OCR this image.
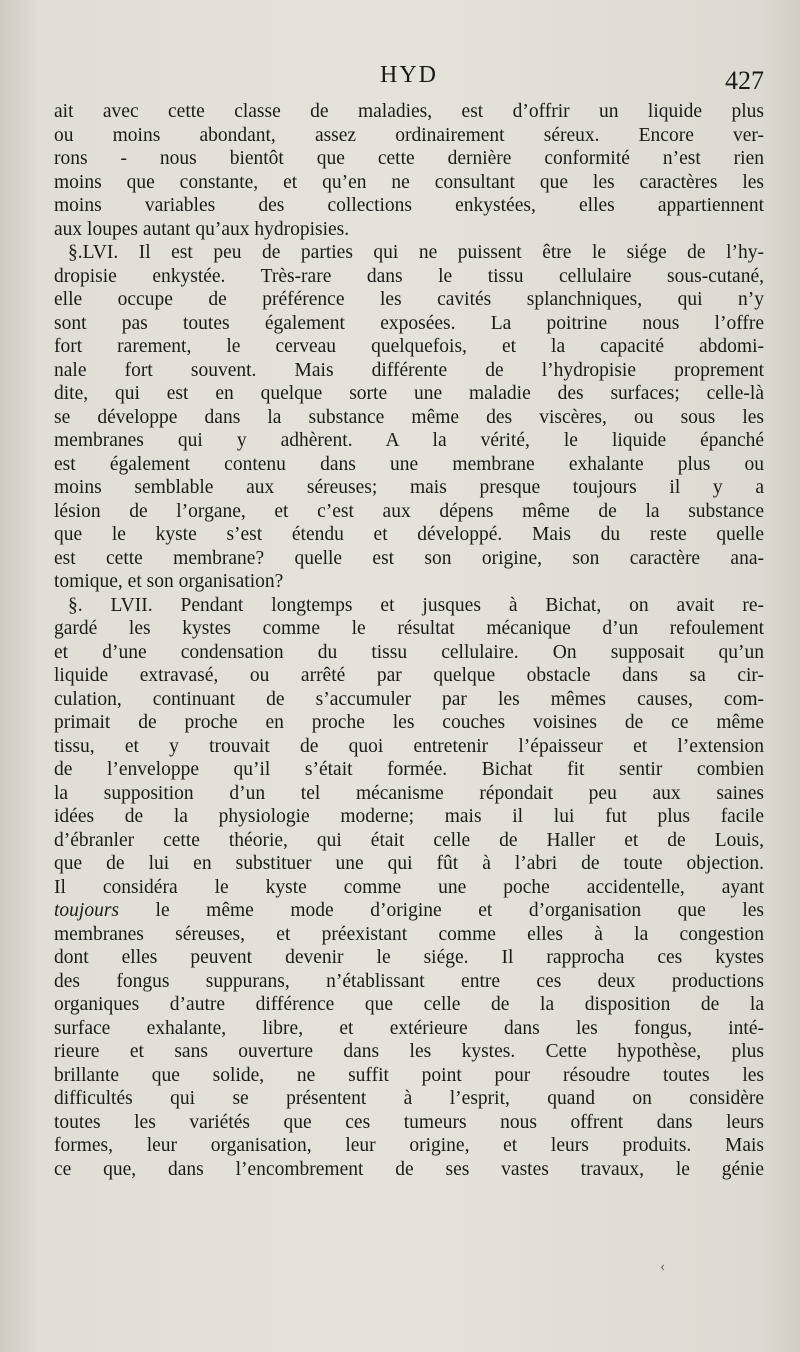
HYD	427
ait avec cette classe de maladies, est d’offrir un liquide plus
ou moins abondant, assez ordinairement séreux. Encore ver-
rons - nous bientôt que cette dernière conformité n’est rien
moins que constante, et qu’en ne consultant que les caractères les
moins variables des collections enkystées, elles appartiennent
aux loupes autant qu’aux hydropisies.
§.LVI. Il est peu de parties qui ne puissent être le siége de l’hy-
dropisie enkystée. Très-rare dans le tissu cellulaire sous-cutané,
elle occupe de préférence les cavités splanchniques, qui n’y
sont pas toutes également exposées. La poitrine nous l’offre
fort rarement, le cerveau quelquefois, et la capacité abdomi-
nale fort souvent. Mais différente de l’hydropisie proprement
dite, qui est en quelque sorte une maladie des surfaces; celle-là
se développe dans la substance même des viscères, ou sous les
membranes qui y adhèrent. A la vérité, le liquide épanché
est également contenu dans une membrane exhalante plus ou
moins semblable aux séreuses; mais presque toujours il y a
lésion de l’organe, et c’est aux dépens même de la substance
que le kyste s’est étendu et développé. Mais du reste quelle
est cette membrane? quelle est son origine, son caractère ana-
tomique, et son organisation?
§. LVII. Pendant longtemps et jusques à Bichat, on avait re-
gardé les kystes comme le résultat mécanique d’un refoulement
et d’une condensation du tissu cellulaire. On supposait qu’un
liquide extravasé, ou arrêté par quelque obstacle dans sa cir-
culation, continuant de s’accumuler par les mêmes causes, com-
primait de proche en proche les couches voisines de ce même
tissu, et y trouvait de quoi entretenir l’épaisseur et l’extension
de l’enveloppe qu’il s’était formée. Bichat fit sentir combien
la supposition d’un tel mécanisme répondait peu aux saines
idées de la physiologie moderne; mais il lui fut plus facile
d’ébranler cette théorie, qui était celle de Haller et de Louis,
que de lui en substituer une qui fût à l’abri de toute objection.
Il considéra le kyste comme une poche accidentelle, ayant
toujours le même mode d’origine et d’organisation que les
membranes séreuses, et préexistant comme elles à la congestion
dont elles peuvent devenir le siége. Il rapprocha ces kystes
des fongus suppurans, n’établissant entre ces deux productions
organiques d’autre différence que celle de la disposition de la
surface exhalante, libre, et extérieure dans les fongus, inté-
rieure et sans ouverture dans les kystes. Cette hypothèse, plus
brillante que solide, ne suffit point pour résoudre toutes les
difficultés qui se présentent à l’esprit, quand on considère
toutes les variétés que ces tumeurs nous offrent dans leurs
formes, leur organisation, leur origine, et leurs produits. Mais
ce que, dans l’encombrement de ses vastes travaux, le génie
‹
